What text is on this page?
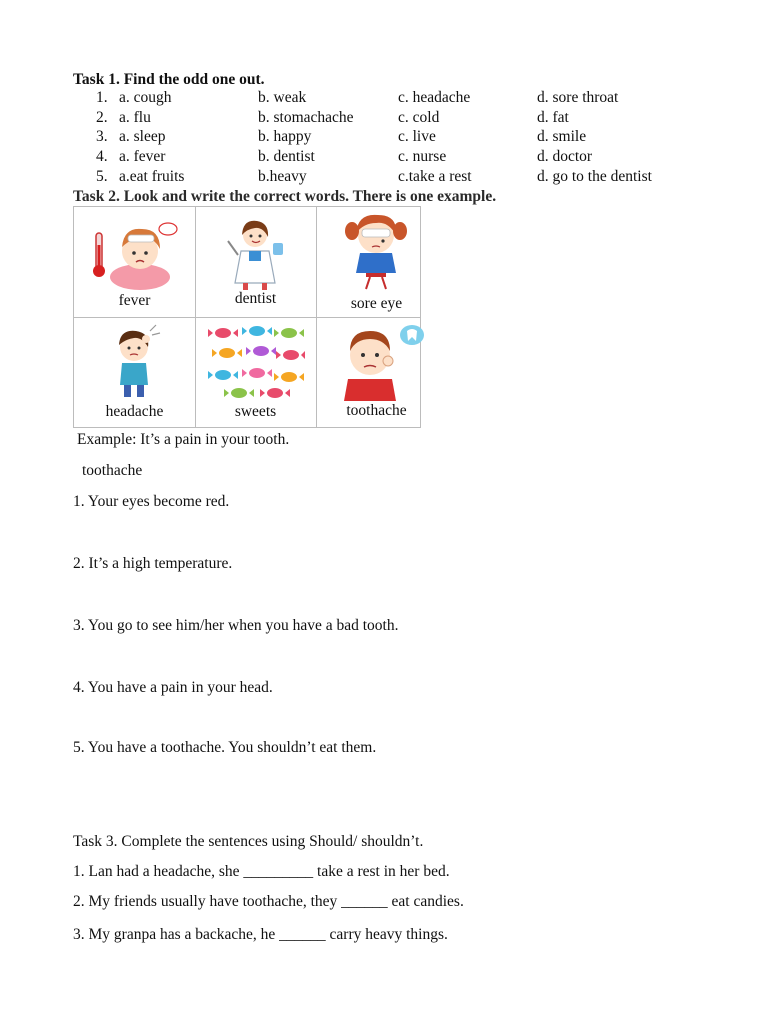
Task 1. Find the odd one out.
1. a. cough	b. weak	c. headache	d. sore throat
2. a. flu	b. stomachache	c. cold	d. fat
3. a. sleep	b. happy	c. live	d. smile
4. a. fever	b. dentist	c. nurse	d. doctor
5. a.eat fruits	b.heavy	c.take a rest	d. go to the dentist
Task 2. Look and write the correct words. There is one example.
fever	dentist	sore eye
headache	sweets	toothache
Example: It’s a pain in your tooth.
toothache
1. Your eyes become red.
2. It’s a high temperature.
3. You go to see him/her when you have a bad tooth.
4. You have a pain in your head.
5. You have a toothache. You shouldn’t eat them.
Task 3. Complete the sentences using Should/ shouldn’t.
1. Lan had a headache, she _________ take a rest in her bed.
2. My friends usually have toothache, they ______ eat candies.
3. My granpa has a backache, he ______ carry heavy things.
